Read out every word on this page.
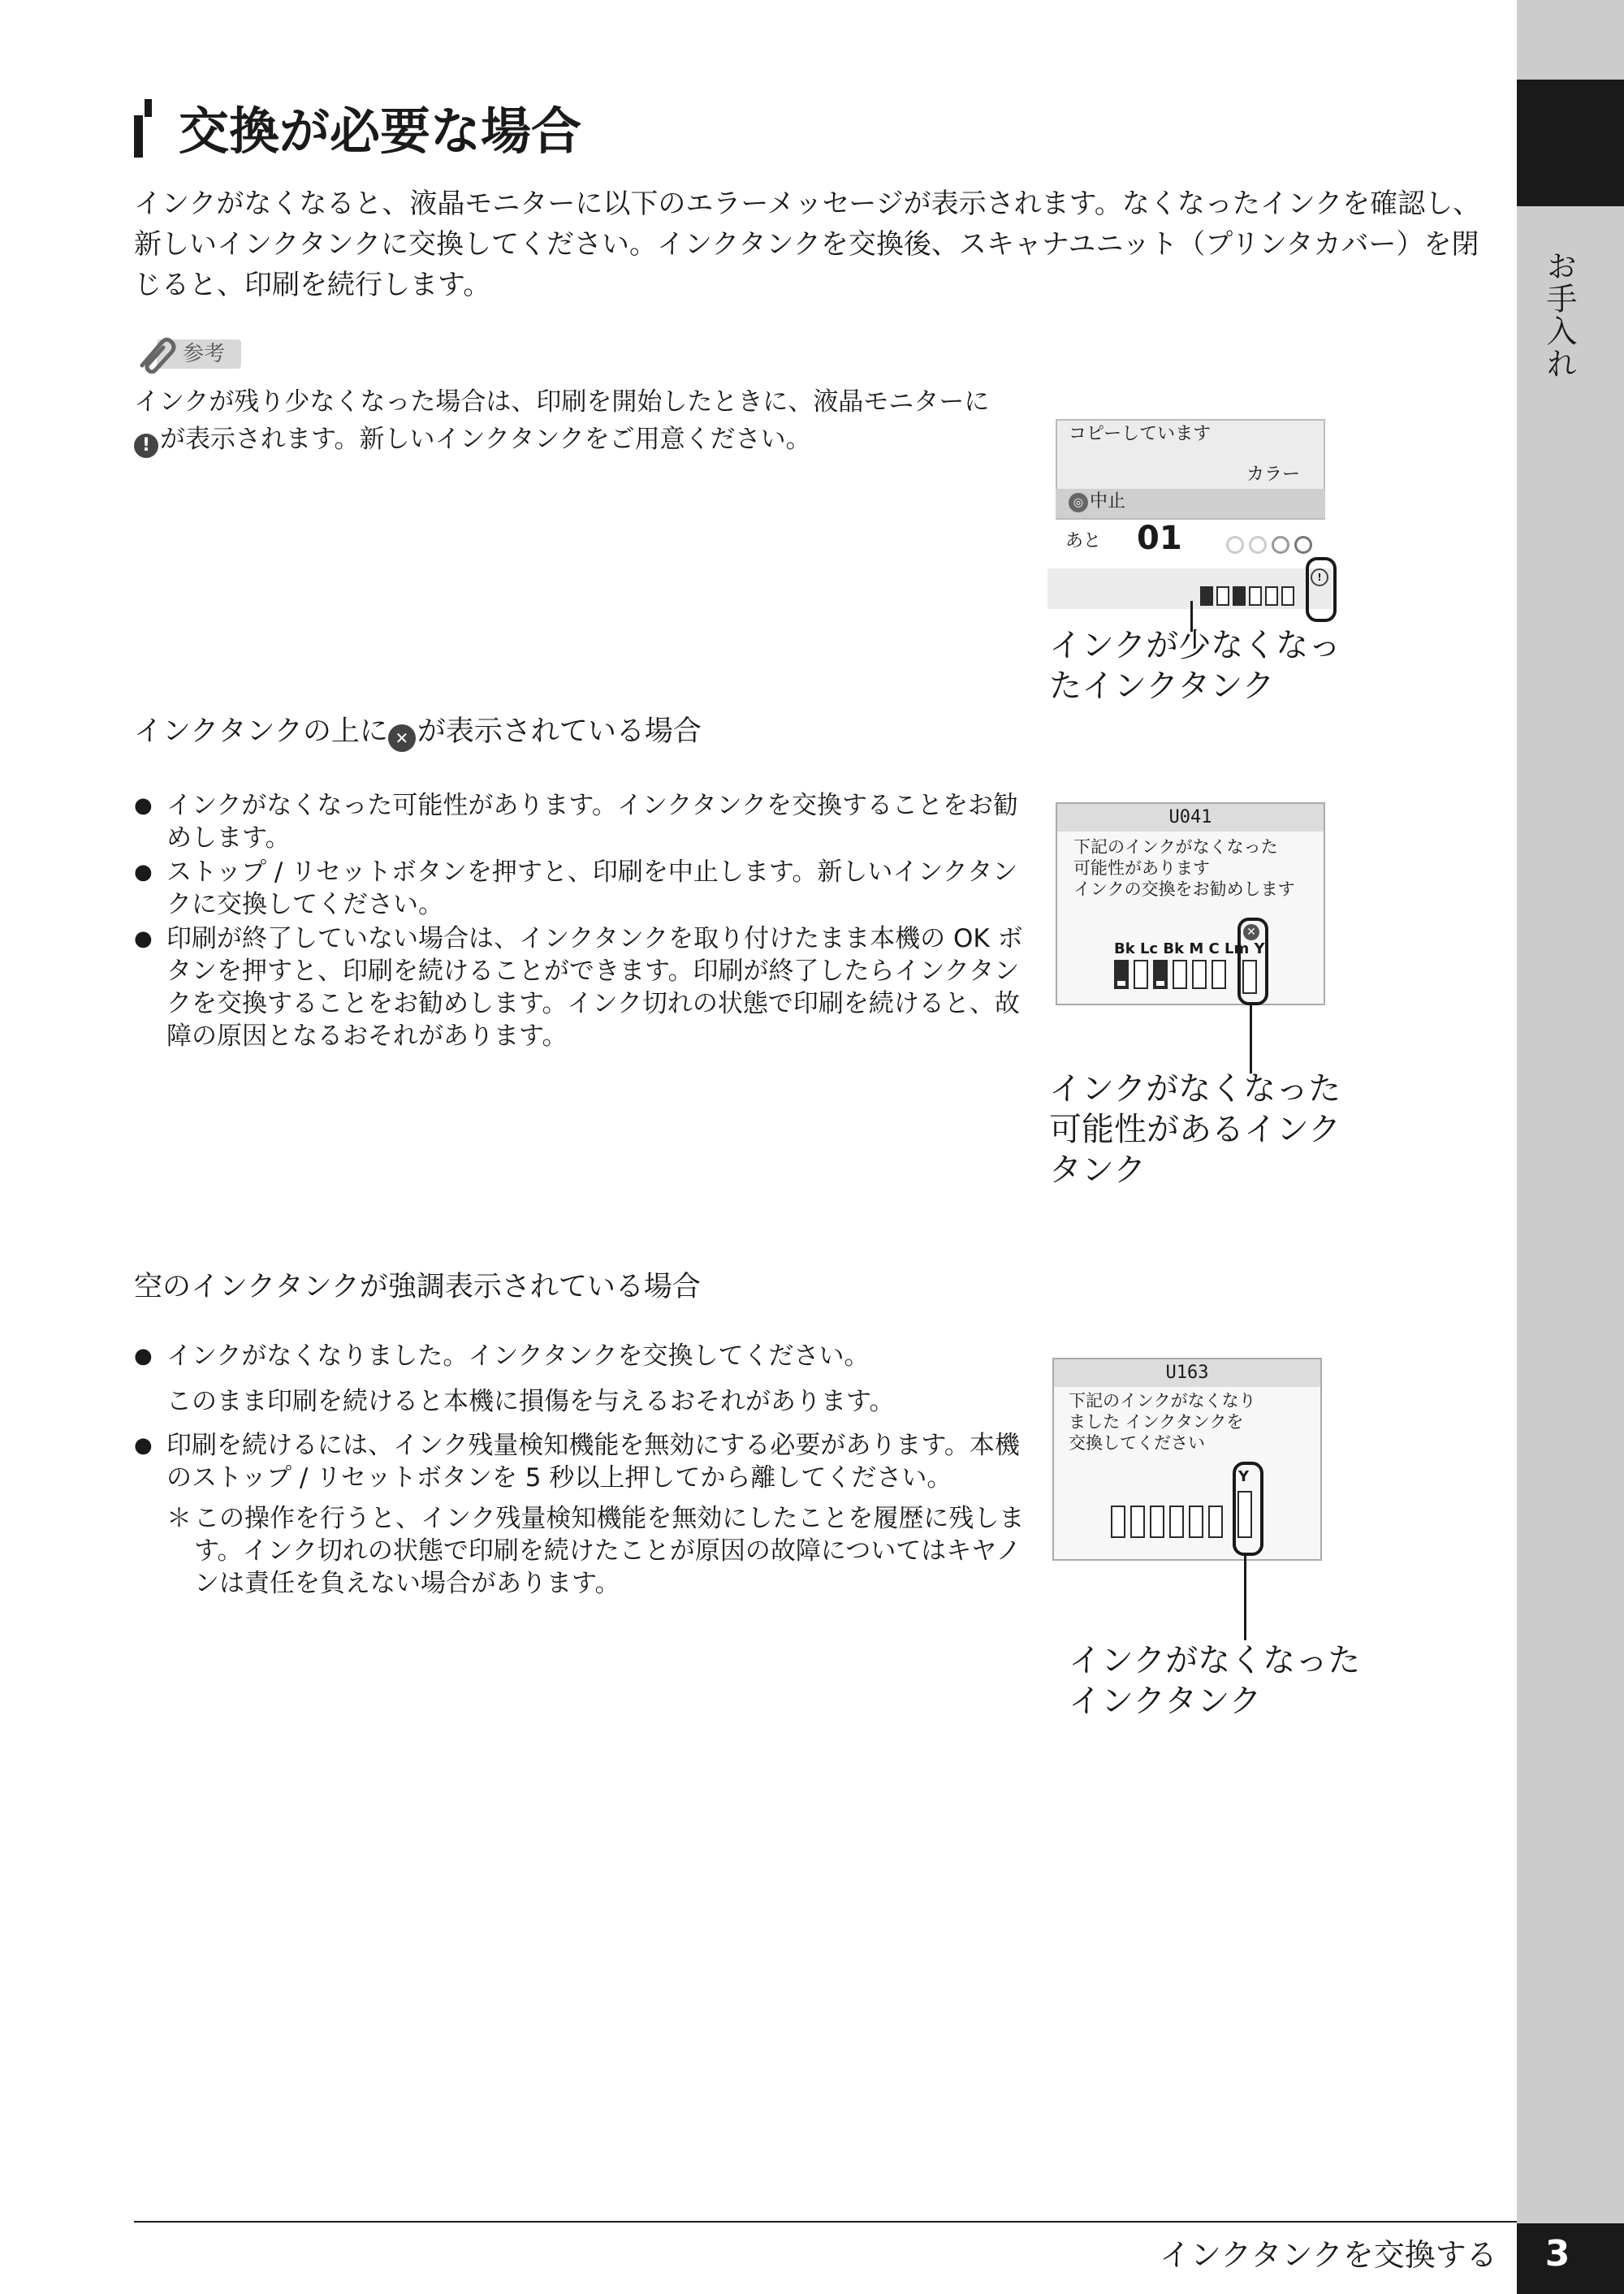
お手入れ
交換が必要な場合
インクがなくなると、液晶モニターに以下のエラーメッセージが表示されます。なくなったインクを確認し、新しいインクタンクに交換してください。インクタンクを交換後、スキャナユニット（プリンタカバー）を閉じると、印刷を続行します。
参考
インクが残り少なくなった場合は、印刷を開始したときに、液晶モニターに
! が表示されます。新しいインクタンクをご用意ください。	コピーしています
カラー
◎ 中止
あと 01
!
インクが少なくなっ
たインクタンク
インクタンクの上に ✕ が表示されている場合
● インクがなくなった可能性があります。インクタンクを交換することをお勧めします。
● ストップ / リセットボタンを押すと、印刷を中止します。新しいインクタンクに交換してください。
● 印刷が終了していない場合は、インクタンクを取り付けたまま本機の OK ボタンを押すと、印刷を続けることができます。印刷が終了したらインクタンクを交換することをお勧めします。インク切れの状態で印刷を続けると、故障の原因となるおそれがあります。
U041
下記のインクがなくなった
可能性があります
インクの交換をお勧めします
Bk Lc Bk M C Lm Y
✕
インクがなくなった
可能性があるインク
タンク
空のインクタンクが強調表示されている場合
● インクがなくなりました。インクタンクを交換してください。
このまま印刷を続けると本機に損傷を与えるおそれがあります。
● 印刷を続けるには、インク残量検知機能を無効にする必要があります。本機のストップ / リセットボタンを 5 秒以上押してから離してください。
＊ この操作を行うと、インク残量検知機能を無効にしたことを履歴に残します。インク切れの状態で印刷を続けたことが原因の故障についてはキヤノンは責任を負えない場合があります。
U163
下記のインクがなくなり
ました インクタンクを
交換してください
Y
インクがなくなった
インクタンク
インクタンクを交換する	3
